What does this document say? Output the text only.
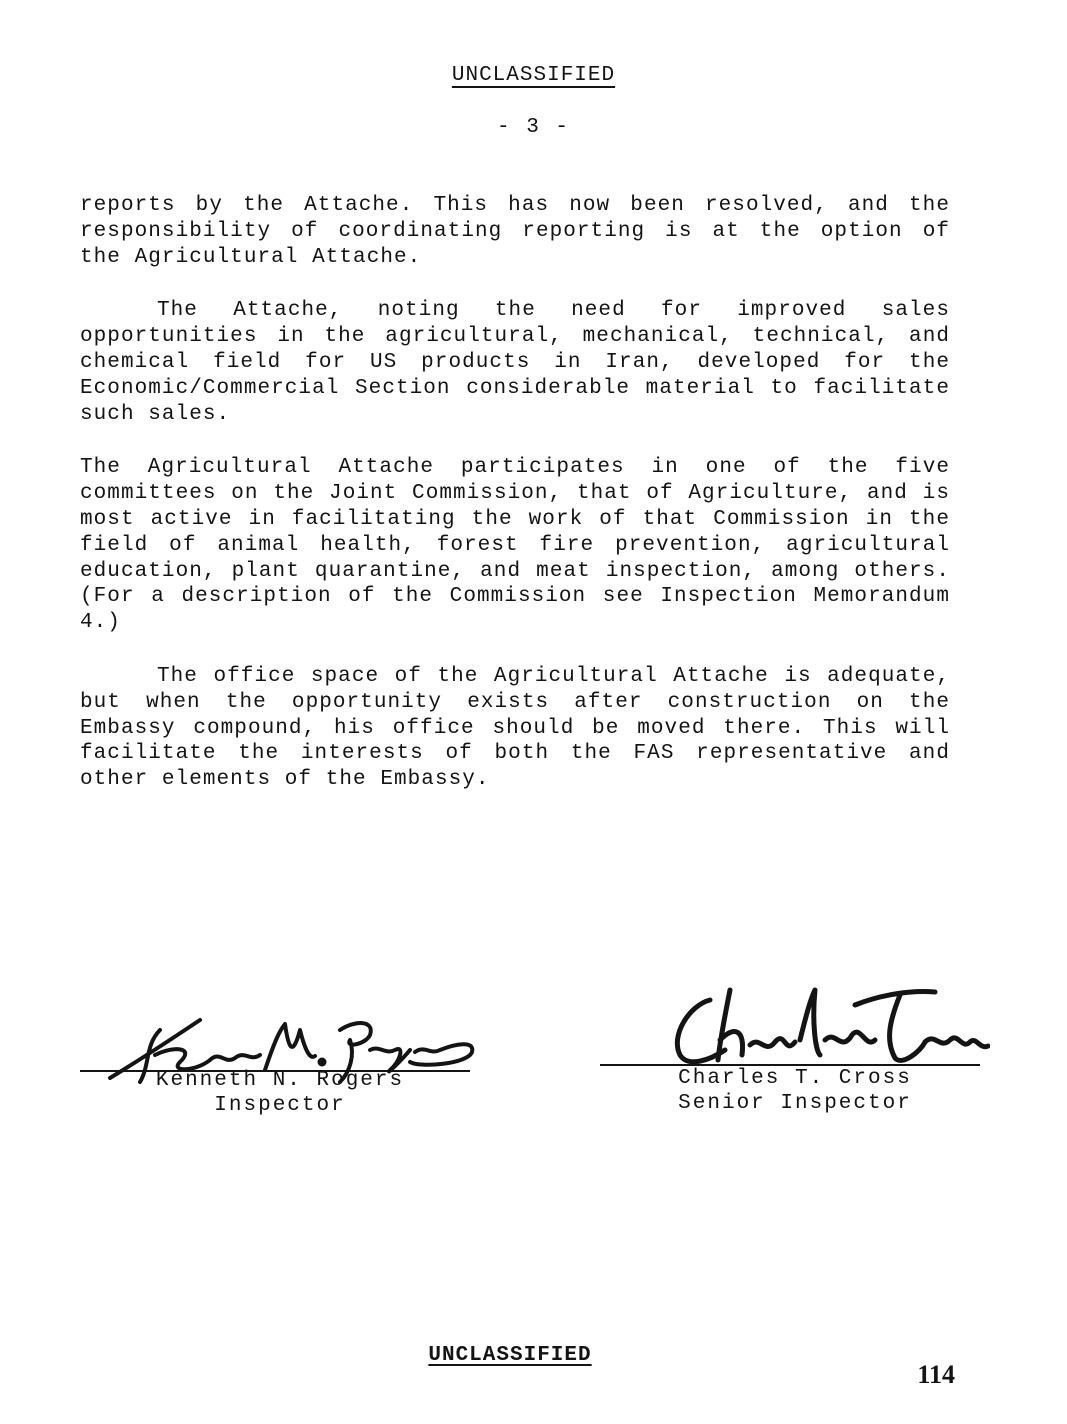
UNCLASSIFIED
- 3 -

reports by the Attache. This has now been resolved, and the responsibility of coordinating reporting is at the option of the Agricultural Attache.

The Attache, noting the need for improved sales opportunities in the agricultural, mechanical, technical, and chemical field for US products in Iran, developed for the Economic/Commercial Section considerable material to facilitate such sales.

The Agricultural Attache participates in one of the five committees on the Joint Commission, that of Agriculture, and is most active in facilitating the work of that Commission in the field of animal health, forest fire prevention, agricultural education, plant quarantine, and meat inspection, among others. (For a description of the Commission see Inspection Memorandum 4.)

The office space of the Agricultural Attache is adequate, but when the opportunity exists after construction on the Embassy compound, his office should be moved there. This will facilitate the interests of both the FAS representative and other elements of the Embassy.

Kenneth N. Rogers
Inspector
Charles T. Cross
Senior Inspector
UNCLASSIFIED
114
